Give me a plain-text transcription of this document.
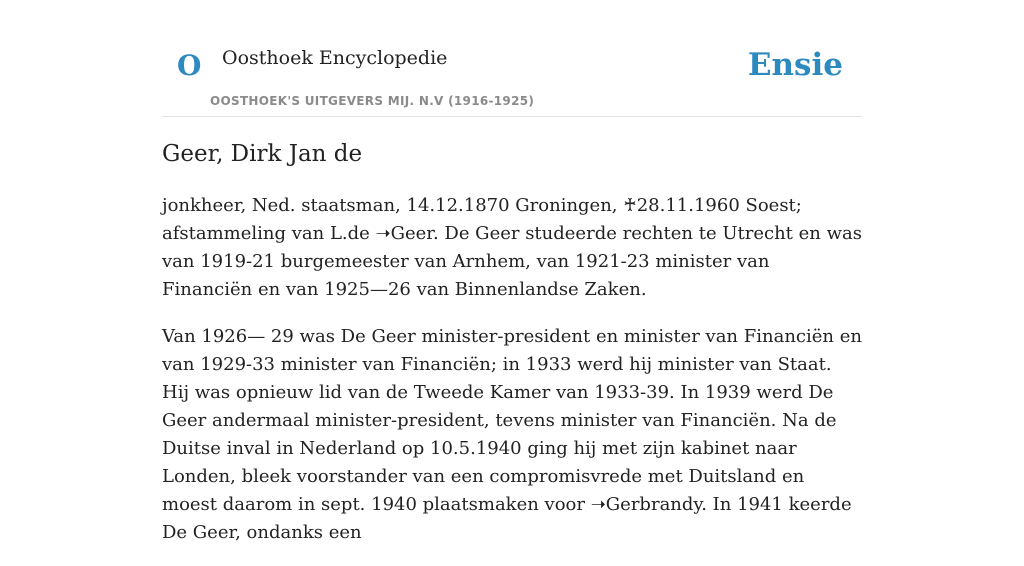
O Oosthoek Encyclopedie
OOSTHOEK'S UITGEVERS MIJ. N.V (1916-1925)
Ensie
Geer, Dirk Jan de

jonkheer, Ned. staatsman, 14.12.1870 Groningen, ♰28.11.1960 Soest; afstammeling van L.de ➝Geer. De Geer studeerde rechten te Utrecht en was van 1919-21 burgemeester van Arnhem, van 1921-23 minister van Financiën en van 1925—26 van Binnenlandse Zaken.

Van 1926— 29 was De Geer minister-president en minister van Financiën en van 1929-33 minister van Financiën; in 1933 werd hij minister van Staat. Hij was opnieuw lid van de Tweede Kamer van 1933-39. In 1939 werd De Geer andermaal minister-president, tevens minister van Financiën. Na de Duitse inval in Nederland op 10.5.1940 ging hij met zijn kabinet naar Londen, bleek voorstander van een compromisvrede met Duitsland en moest daarom in sept. 1940 plaatsmaken voor ➝Gerbrandy. In 1941 keerde De Geer, ondanks een
